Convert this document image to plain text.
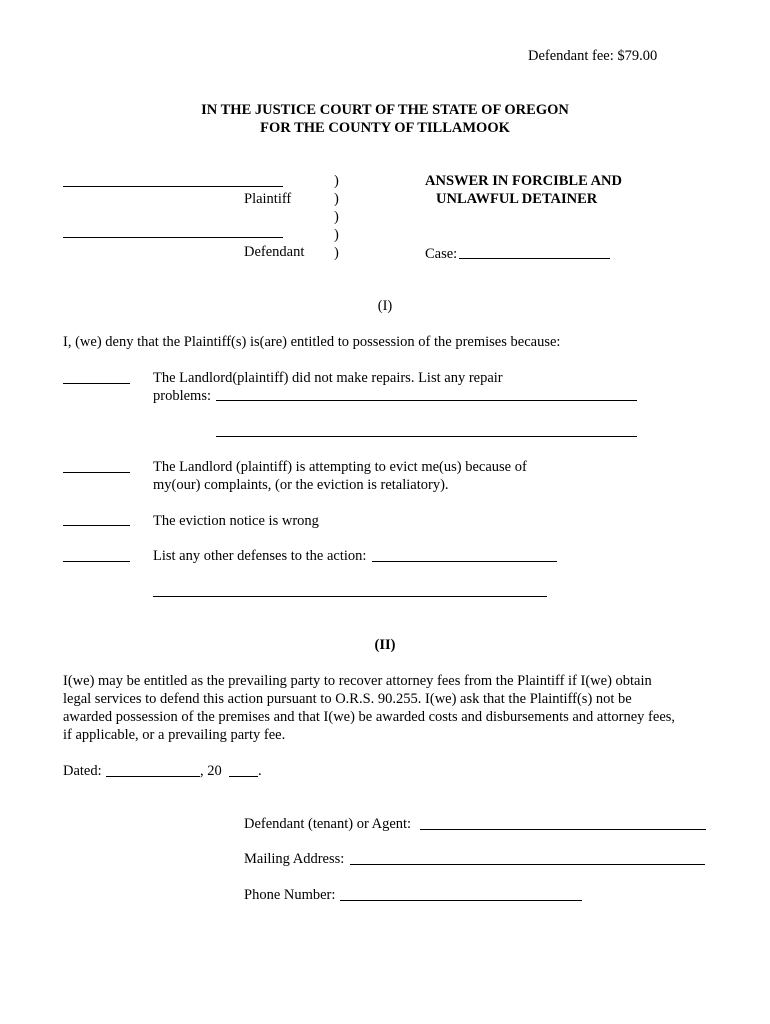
Defendant fee: $79.00
IN THE JUSTICE COURT OF THE STATE OF OREGON
FOR THE COUNTY OF TILLAMOOK
Plaintiff
Defendant
)
)
)
)
)
ANSWER IN FORCIBLE AND
UNLAWFUL DETAINER
Case:
(I)
I, (we) deny that the Plaintiff(s) is(are) entitled to possession of the premises because:
The Landlord(plaintiff) did not make repairs. List any repair
problems:
The Landlord (plaintiff) is attempting to evict me(us) because of
my(our) complaints, (or the eviction is retaliatory).
The eviction notice is wrong
List any other defenses to the action:
(II)
I(we) may be entitled as the prevailing party to recover attorney fees from the Plaintiff if I(we) obtain
legal services to defend this action pursuant to O.R.S. 90.255. I(we) ask that the Plaintiff(s) not be
awarded possession of the premises and that I(we) be awarded costs and disbursements and attorney fees,
if applicable, or a prevailing party fee.
Dated:	, 20	.
Defendant (tenant) or Agent:
Mailing Address:
Phone Number:
